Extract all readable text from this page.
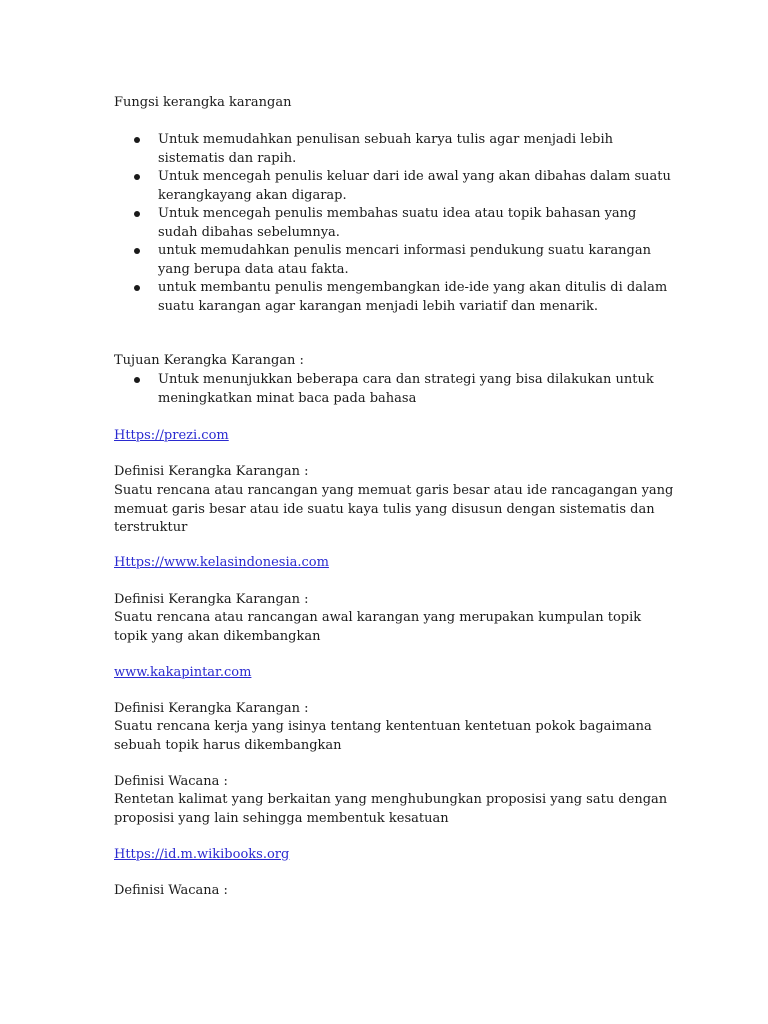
Fungsi kerangka karangan
Untuk memudahkan penulisan sebuah karya tulis agar menjadi lebih
sistematis dan rapih.
Untuk mencegah penulis keluar dari ide awal yang akan dibahas dalam suatu
kerangkayang akan digarap.
Untuk mencegah penulis membahas suatu idea atau topik bahasan yang
sudah dibahas sebelumnya.
untuk memudahkan penulis mencari informasi pendukung suatu karangan
yang berupa data atau fakta.
untuk membantu penulis mengembangkan ide-ide yang akan ditulis di dalam
suatu karangan agar karangan menjadi lebih variatif dan menarik.
Tujuan Kerangka Karangan :
Untuk menunjukkan beberapa cara dan strategi yang bisa dilakukan untuk
meningkatkan minat baca pada bahasa
Https://prezi.com
Definisi Kerangka Karangan :
Suatu rencana atau rancangan yang memuat garis besar atau ide rancagangan yang
memuat garis besar atau ide suatu kaya tulis yang disusun dengan sistematis dan
terstruktur
Https://www.kelasindonesia.com
Definisi Kerangka Karangan :
Suatu rencana atau rancangan awal karangan yang merupakan kumpulan topik
topik yang akan dikembangkan
www.kakapintar.com
Definisi Kerangka Karangan :
Suatu rencana kerja yang isinya tentang kententuan kentetuan pokok bagaimana
sebuah topik harus dikembangkan
Definisi Wacana :
Rentetan kalimat yang berkaitan yang menghubungkan proposisi yang satu dengan
proposisi yang lain sehingga membentuk kesatuan
Https://id.m.wikibooks.org
Definisi Wacana :
